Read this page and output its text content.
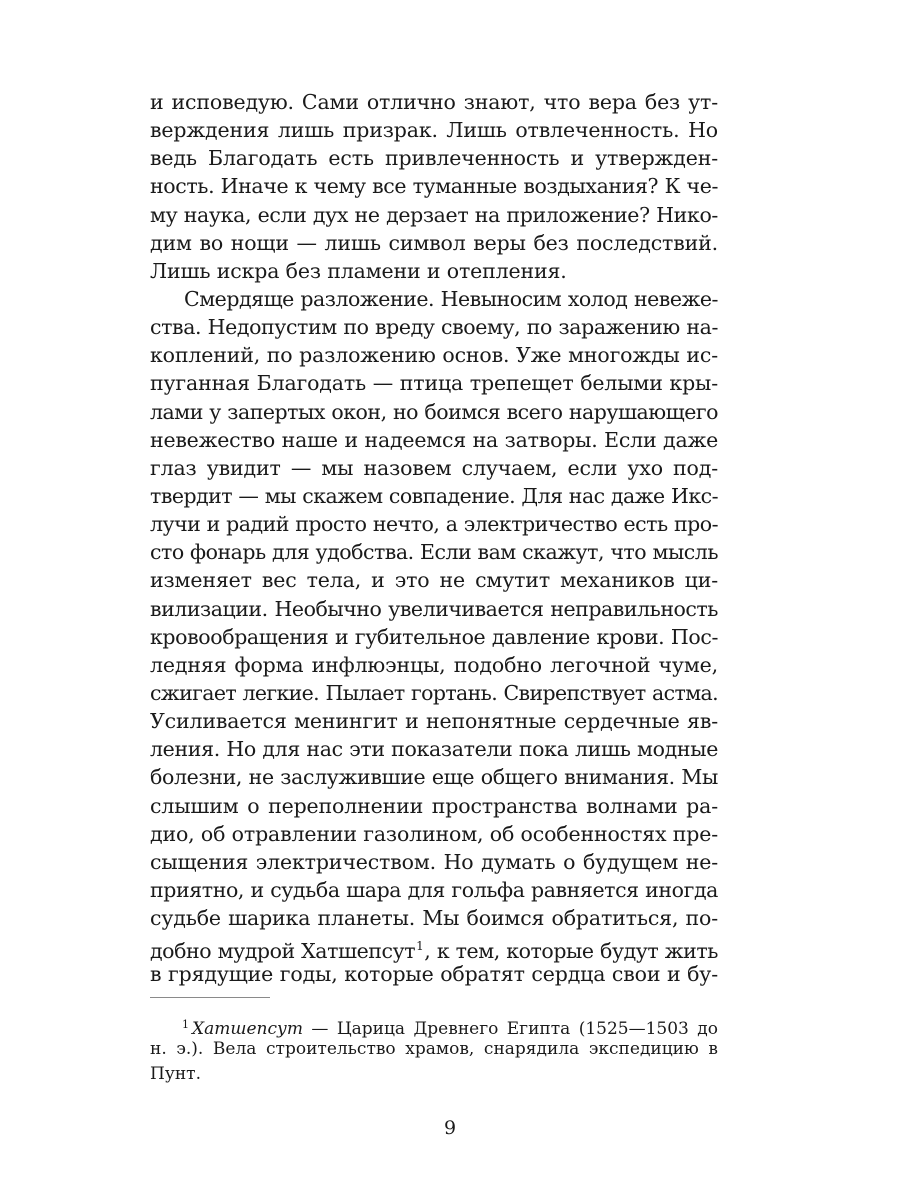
и исповедую. Сами отлично знают, что вера без ут-
верждения лишь призрак. Лишь отвлеченность. Но
ведь Благодать есть привлеченность и утвержден-
ность. Иначе к чему все туманные воздыхания? К че-
му наука, если дух не дерзает на приложение? Нико-
дим во нощи — лишь символ веры без последствий.
Лишь искра без пламени и отепления.
Смердяще разложение. Невыносим холод невеже-
ства. Недопустим по вреду своему, по заражению на-
коплений, по разложению основ. Уже многожды ис-
пуганная Благодать — птица трепещет белыми кры-
лами у запертых окон, но боимся всего нарушающего
невежество наше и надеемся на затворы. Если даже
глаз увидит — мы назовем случаем, если ухо под-
твердит — мы скажем совпадение. Для нас даже Икс-
лучи и радий просто нечто, а электричество есть про-
сто фонарь для удобства. Если вам скажут, что мысль
изменяет вес тела, и это не смутит механиков ци-
вилизации. Необычно увеличивается неправильность
кровообращения и губительное давление крови. Пос-
ледняя форма инфлюэнцы, подобно легочной чуме,
сжигает легкие. Пылает гортань. Свирепствует астма.
Усиливается менингит и непонятные сердечные яв-
ления. Но для нас эти показатели пока лишь модные
болезни, не заслужившие еще общего внимания. Мы
слышим о переполнении пространства волнами ра-
дио, об отравлении газолином, об особенностях пре-
сыщения электричеством. Но думать о будущем не-
приятно, и судьба шара для гольфа равняется иногда
судьбе шарика планеты. Мы боимся обратиться, по-
добно мудрой Хатшепсут$^1$, к тем, которые будут жить
в грядущие годы, которые обратят сердца свои и бу-
$^1$ Хатшепсут — Царица Древнего Египта (1525—1503 до
н. э.). Вела строительство храмов, снарядила экспедицию в
Пунт.
9
